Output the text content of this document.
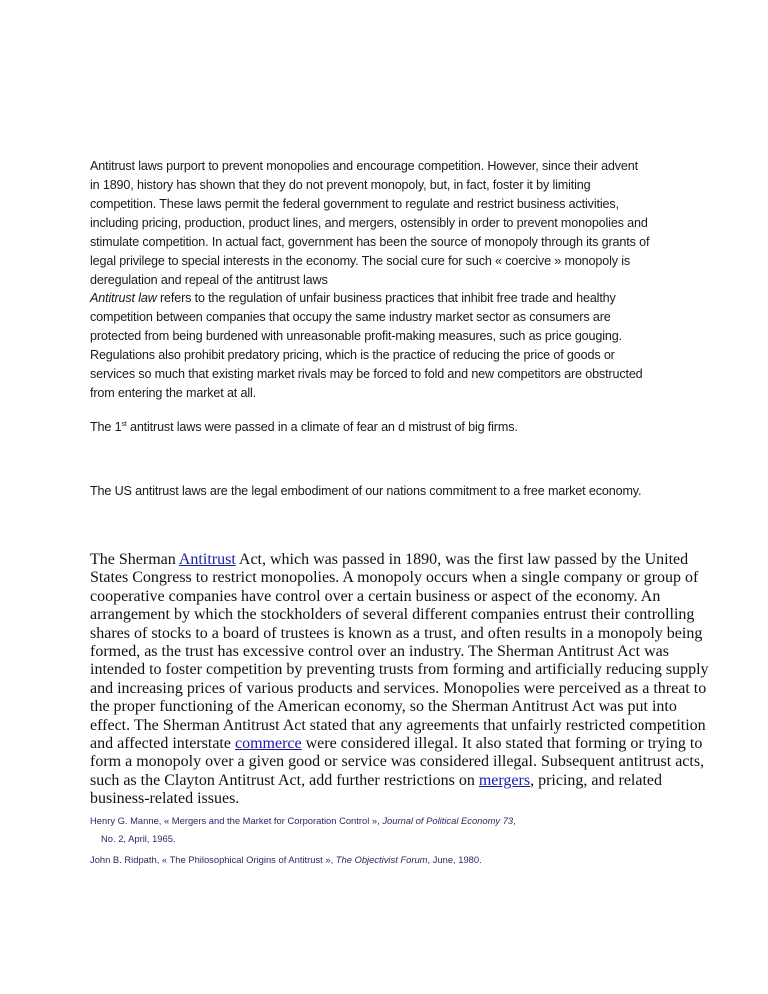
Antitrust laws purport to prevent monopolies and encourage competition. However, since their advent
in 1890, history has shown that they do not prevent monopoly, but, in fact, foster it by limiting
competition. These laws permit the federal government to regulate and restrict business activities,
including pricing, production, product lines, and mergers, ostensibly in order to prevent monopolies and
stimulate competition. In actual fact, government has been the source of monopoly through its grants of
legal privilege to special interests in the economy. The social cure for such « coercive » monopoly is
deregulation and repeal of the antitrust laws
Antitrust law refers to the regulation of unfair business practices that inhibit free trade and healthy
competition between companies that occupy the same industry market sector as consumers are
protected from being burdened with unreasonable profit-making measures, such as price gouging.
Regulations also prohibit predatory pricing, which is the practice of reducing the price of goods or
services so much that existing market rivals may be forced to fold and new competitors are obstructed
from entering the market at all.
The 1st antitrust laws were passed in a climate of fear an d mistrust of big firms.
The US antitrust laws are the legal embodiment of our nations commitment to a free market economy.
The Sherman Antitrust Act, which was passed in 1890, was the first law passed by the United
States Congress to restrict monopolies. A monopoly occurs when a single company or group of
cooperative companies have control over a certain business or aspect of the economy. An
arrangement by which the stockholders of several different companies entrust their controlling
shares of stocks to a board of trustees is known as a trust, and often results in a monopoly being
formed, as the trust has excessive control over an industry. The Sherman Antitrust Act was
intended to foster competition by preventing trusts from forming and artificially reducing supply
and increasing prices of various products and services. Monopolies were perceived as a threat to
the proper functioning of the American economy, so the Sherman Antitrust Act was put into
effect. The Sherman Antitrust Act stated that any agreements that unfairly restricted competition
and affected interstate commerce were considered illegal. It also stated that forming or trying to
form a monopoly over a given good or service was considered illegal. Subsequent antitrust acts,
such as the Clayton Antitrust Act, add further restrictions on mergers, pricing, and related
business-related issues.
Henry G. Manne, « Mergers and the Market for Corporation Control », Journal of Political Economy 73,
No. 2, April, 1965.
John B. Ridpath, « The Philosophical Origins of Antitrust », The Objectivist Forum, June, 1980.
